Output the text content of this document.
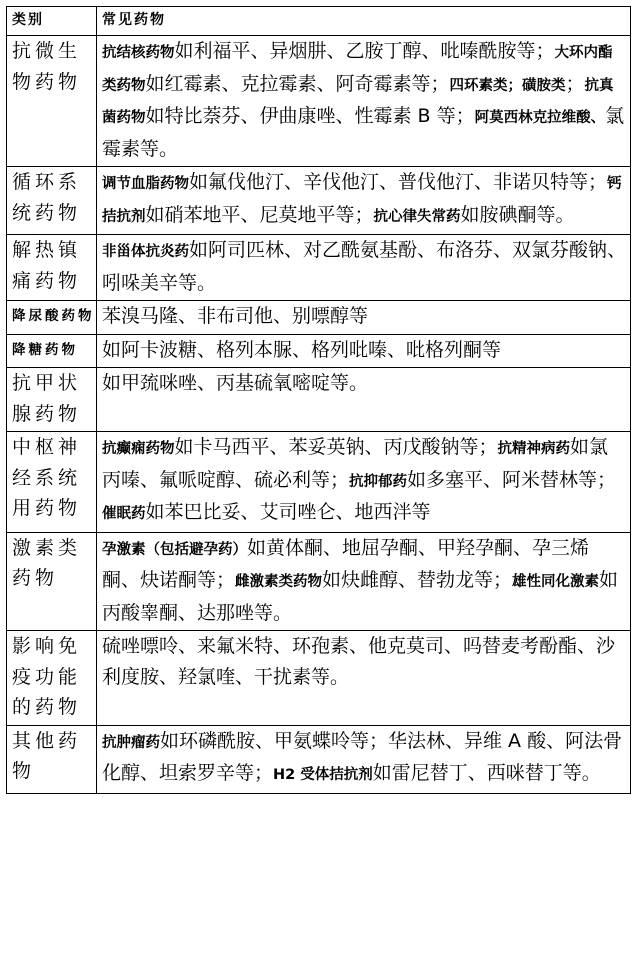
类别	常见药物
抗微生物药物	抗结核药物如利福平、异烟肼、乙胺丁醇、吡嗪酰胺等；大环内酯类药物如红霉素、克拉霉素、阿奇霉素等；四环素类；磺胺类；抗真菌药物如特比萘芬、伊曲康唑、性霉素 B 等；阿莫西林克拉维酸、氯霉素等。
循环系统药物	调节血脂药物如氟伐他汀、辛伐他汀、普伐他汀、非诺贝特等；钙拮抗剂如硝苯地平、尼莫地平等；抗心律失常药如胺碘酮等。
解热镇痛药物	非甾体抗炎药如阿司匹林、对乙酰氨基酚、布洛芬、双氯芬酸钠、吲哚美辛等。
降尿酸药物	苯溴马隆、非布司他、别嘌醇等
降糖药物	如阿卡波糖、格列本脲、格列吡嗪、吡格列酮等
抗甲状腺药物	如甲巯咪唑、丙基硫氧嘧啶等。
中枢神经系统用药物	抗癫痫药物如卡马西平、苯妥英钠、丙戊酸钠等；抗精神病药如氯丙嗪、氟哌啶醇、硫必利等；抗抑郁药如多塞平、阿米替林等；催眠药如苯巴比妥、艾司唑仑、地西泮等
激素类药物	孕激素（包括避孕药）如黄体酮、地屈孕酮、甲羟孕酮、孕三烯酮、炔诺酮等；雌激素类药物如炔雌醇、替勃龙等；雄性同化激素如丙酸睾酮、达那唑等。
影响免疫功能的药物	硫唑嘌呤、来氟米特、环孢素、他克莫司、吗替麦考酚酯、沙利度胺、羟氯喹、干扰素等。
其他药物	抗肿瘤药如环磷酰胺、甲氨蝶呤等；华法林、异维 A 酸、阿法骨化醇、坦索罗辛等；H2 受体拮抗剂如雷尼替丁、西咪替丁等。
